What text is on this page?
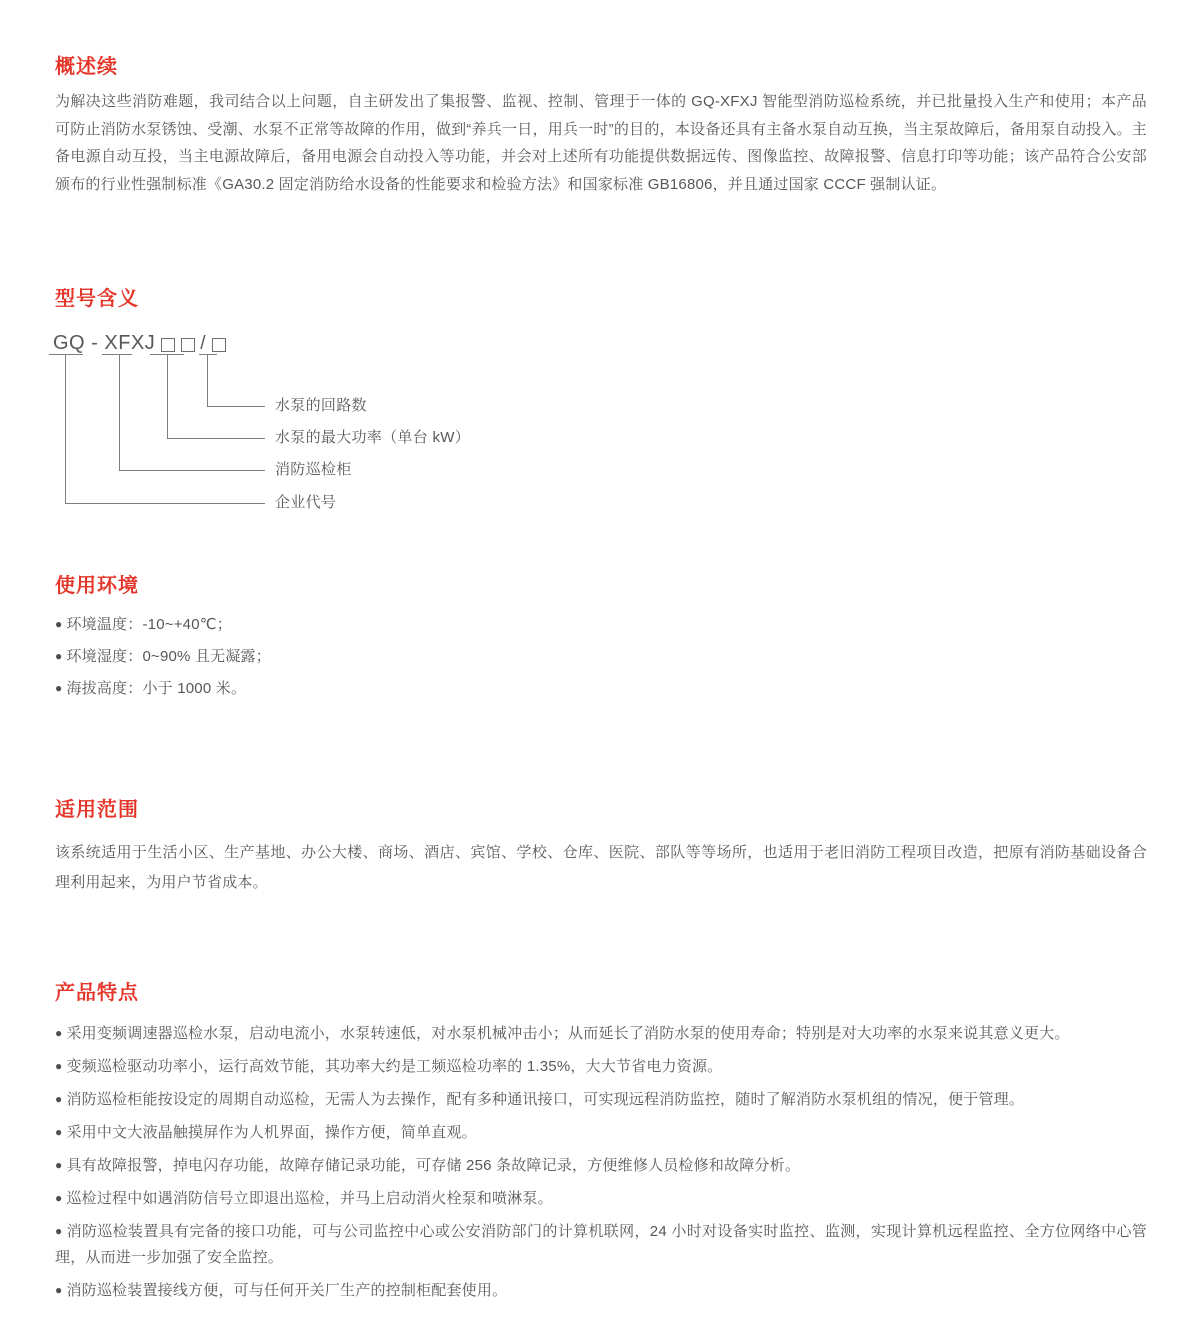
概述续

为解决这些消防难题，我司结合以上问题，自主研发出了集报警、监视、控制、管理于一体的 GQ-XFXJ 智能型消防巡检系统，并已批量投入生产和使用；本产品可防止消防水泵锈蚀、受潮、水泵不正常等故障的作用，做到“养兵一日，用兵一时”的目的，本设备还具有主备水泵自动互换，当主泵故障后，备用泵自动投入。主备电源自动互投，当主电源故障后，备用电源会自动投入等功能，并会对上述所有功能提供数据远传、图像监控、故障报警、信息打印等功能；该产品符合公安部颁布的行业性强制标准《GA30.2 固定消防给水设备的性能要求和检验方法》和国家标准 GB16806，并且通过国家 CCCF 强制认证。

型号含义
GQ - XFXJ /
水泵的回路数
水泵的最大功率（单台 kW）
消防巡检柜
企业代号
使用环境

● 环境温度：-10~+40℃；

● 环境湿度：0~90% 且无凝露；

● 海拔高度：小于 1000 米。

适用范围

该系统适用于生活小区、生产基地、办公大楼、商场、酒店、宾馆、学校、仓库、医院、部队等等场所，也适用于老旧消防工程项目改造，把原有消防基础设备合理利用起来，为用户节省成本。

产品特点

● 采用变频调速器巡检水泵，启动电流小，水泵转速低，对水泵机械冲击小；从而延长了消防水泵的使用寿命；特别是对大功率的水泵来说其意义更大。

● 变频巡检驱动功率小，运行高效节能，其功率大约是工频巡检功率的 1.35%，大大节省电力资源。

● 消防巡检柜能按设定的周期自动巡检，无需人为去操作，配有多种通讯接口，可实现远程消防监控，随时了解消防水泵机组的情况，便于管理。

● 采用中文大液晶触摸屏作为人机界面，操作方便，简单直观。

● 具有故障报警，掉电闪存功能，故障存储记录功能，可存储 256 条故障记录，方便维修人员检修和故障分析。

● 巡检过程中如遇消防信号立即退出巡检，并马上启动消火栓泵和喷淋泵。

● 消防巡检装置具有完备的接口功能，可与公司监控中心或公安消防部门的计算机联网，24 小时对设备实时监控、监测，实现计算机远程监控、全方位网络中心管理，从而进一步加强了安全监控。

● 消防巡检装置接线方便，可与任何开关厂生产的控制柜配套使用。
